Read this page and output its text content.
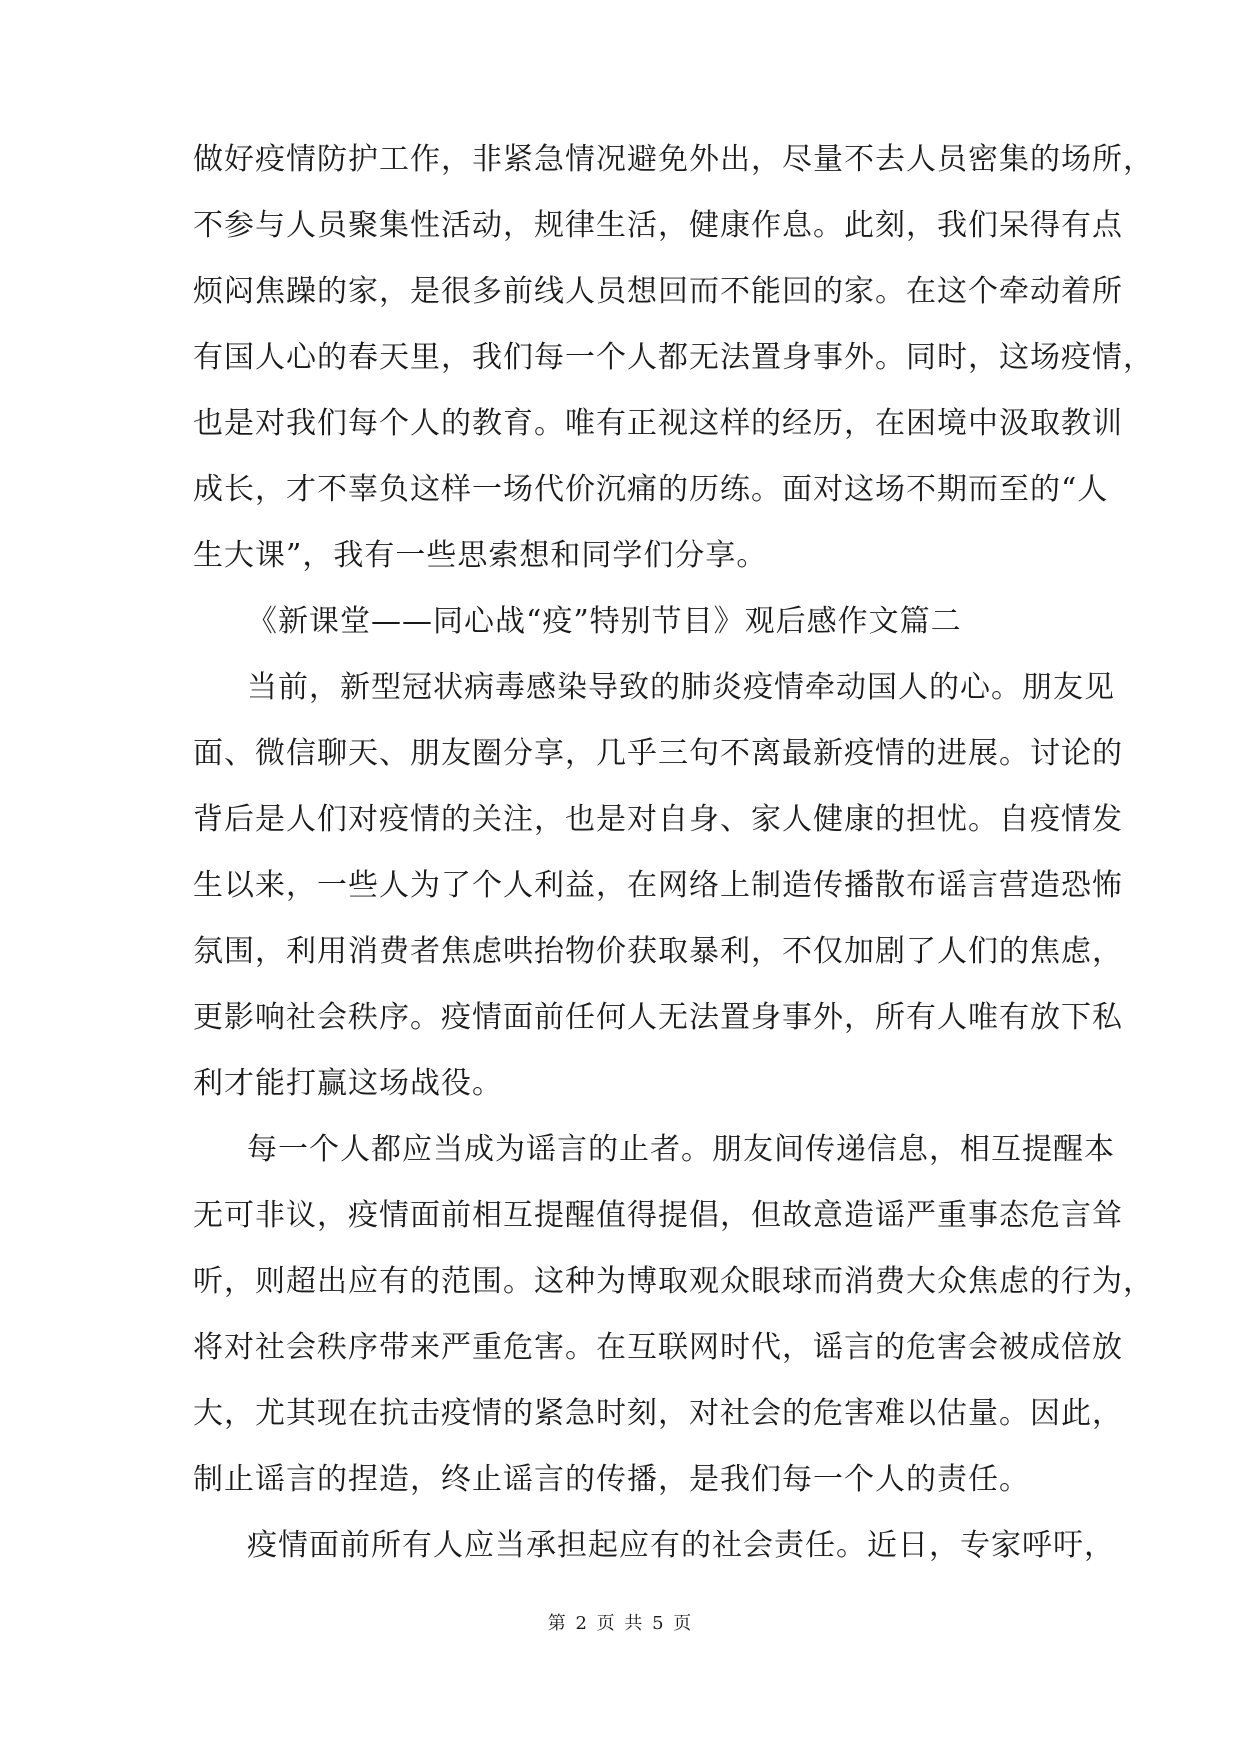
做好疫情防护工作，非紧急情况避免外出，尽量不去人员密集的场所，
不参与人员聚集性活动，规律生活，健康作息。此刻，我们呆得有点
烦闷焦躁的家，是很多前线人员想回而不能回的家。在这个牵动着所
有国人心的春天里，我们每一个人都无法置身事外。同时，这场疫情，
也是对我们每个人的教育。唯有正视这样的经历，在困境中汲取教训
成长，才不辜负这样一场代价沉痛的历练。面对这场不期而至的“人
生大课”，我有一些思索想和同学们分享。
《新课堂——同心战“疫”特别节目》观后感作文篇二
当前，新型冠状病毒感染导致的肺炎疫情牵动国人的心。朋友见
面、微信聊天、朋友圈分享，几乎三句不离最新疫情的进展。讨论的
背后是人们对疫情的关注，也是对自身、家人健康的担忧。自疫情发
生以来，一些人为了个人利益，在网络上制造传播散布谣言营造恐怖
氛围，利用消费者焦虑哄抬物价获取暴利，不仅加剧了人们的焦虑，
更影响社会秩序。疫情面前任何人无法置身事外，所有人唯有放下私
利才能打赢这场战役。
每一个人都应当成为谣言的止者。朋友间传递信息，相互提醒本
无可非议，疫情面前相互提醒值得提倡，但故意造谣严重事态危言耸
听，则超出应有的范围。这种为博取观众眼球而消费大众焦虑的行为，
将对社会秩序带来严重危害。在互联网时代，谣言的危害会被成倍放
大，尤其现在抗击疫情的紧急时刻，对社会的危害难以估量。因此，
制止谣言的捏造，终止谣言的传播，是我们每一个人的责任。
疫情面前所有人应当承担起应有的社会责任。近日，专家呼吁，
第 2 页 共 5 页
